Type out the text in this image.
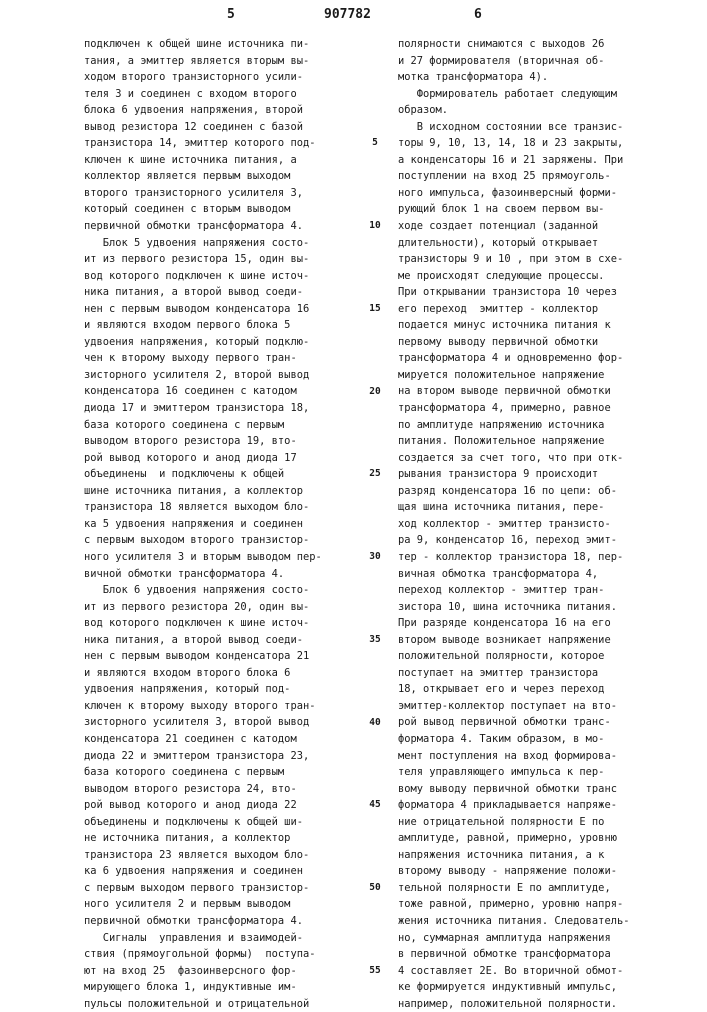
5	907782	6
подключен к общей шине источника пи-
тания, а эмиттер является вторым вы-
ходом второго транзисторного усили-
теля 3 и соединен с входом второго
блока 6 удвоения напряжения, второй
вывод резистора 12 соединен с базой
транзистора 14, эмиттер которого под-
ключен к шине источника питания, а
коллектор является первым выходом
второго транзисторного усилителя 3,
который соединен с вторым выводом
первичной обмотки трансформатора 4.
Блок 5 удвоения напряжения состо-
ит из первого резистора 15, один вы-
вод которого подключен к шине источ-
ника питания, а второй вывод соеди-
нен с первым выводом конденсатора 16
и являются входом первого блока 5
удвоения напряжения, который подклю-
чен к второму выходу первого тран-
зисторного усилителя 2, второй вывод
конденсатора 16 соединен с катодом
диода 17 и эмиттером транзистора 18,
база которого соединена с первым
выводом второго резистора 19, вто-
рой вывод которого и анод диода 17
объединены  и подключены к общей
шине источника питания, а коллектор
транзистора 18 является выходом бло-
ка 5 удвоения напряжения и соединен
с первым выходом второго транзистор-
ного усилителя 3 и вторым выводом пер-
вичной обмотки трансформатора 4.
Блок 6 удвоения напряжения состо-
ит из первого резистора 20, один вы-
вод которого подключен к шине источ-
ника питания, а второй вывод соеди-
нен с первым выводом конденсатора 21
и являются входом второго блока 6
удвоения напряжения, который под-
ключен к второму выходу второго тран-
зисторного усилителя 3, второй вывод
конденсатора 21 соединен с катодом
диода 22 и эмиттером транзистора 23,
база которого соединена с первым
выводом второго резистора 24, вто-
рой вывод которого и анод диода 22
объединены и подключены к общей ши-
не источника питания, а коллектор
транзистора 23 является выходом бло-
ка 6 удвоения напряжения и соединен
с первым выходом первого транзистор-
ного усилителя 2 и первым выводом
первичной обмотки трансформатора 4.
Сигналы  управления и взаимодей-
ствия (прямоугольной формы)  поступа-
ют на вход 25  фазоинверсного фор-
мирующего блока 1, индуктивные им-
пульсы положительной и отрицательной
полярности снимаются с выходов 26
и 27 формирователя (вторичная об-
мотка трансформатора 4).
Формирователь работает следующим
образом.
В исходном состоянии все транзис-
торы 9, 10, 13, 14, 18 и 23 закрыты,
а конденсаторы 16 и 21 заряжены. При
поступлении на вход 25 прямоуголь-
ного импульса, фазоинверсный форми-
рующий блок 1 на своем первом вы-
ходе создает потенциал (заданной
длительности), который открывает
транзисторы 9 и 10 , при этом в схе-
ме происходят следующие процессы.
При открывании транзистора 10 через
его переход  эмиттер - коллектор
подается минус источника питания к
первому выводу первичной обмотки
трансформатора 4 и одновременно фор-
мируется положительное напряжение
на втором выводе первичной обмотки
трансформатора 4, примерно, равное
по амплитуде напряжению источника
питания. Положительное напряжение
создается за счет того, что при отк-
рывания транзистора 9 происходит
разряд конденсатора 16 по цепи: об-
щая шина источника питания, пере-
ход коллектор - эмиттер транзисто-
ра 9, конденсатор 16, переход эмит-
тер - коллектор транзистора 18, пер-
вичная обмотка трансформатора 4,
переход коллектор - эмиттер тран-
зистора 10, шина источника питания.
При разряде конденсатора 16 на его
втором выводе возникает напряжение
положительной полярности, которое
поступает на эмиттер транзистора
18, открывает его и через переход
эмиттер-коллектор поступает на вто-
рой вывод первичной обмотки транс-
форматора 4. Таким образом, в мо-
мент поступления на вход формирова-
теля управляющего импульса к пер-
вому выводу первичной обмотки транс
форматора 4 прикладывается напряже-
ние отрицательной полярности E по
амплитуде, равной, примерно, уровню
напряжения источника питания, а к
второму выводу - напряжение положи-
тельной полярности E по амплитуде,
тоже равной, примерно, уровню напря-
жения источника питания. Следователь-
но, суммарная амплитуда напряжения
в первичной обмотке трансформатора
4 составляет 2E. Во вторичной обмот-
ке формируется индуктивный импульс,
например, положительной полярности.
5
10
15
20
25
30
35
40
45
50
55
